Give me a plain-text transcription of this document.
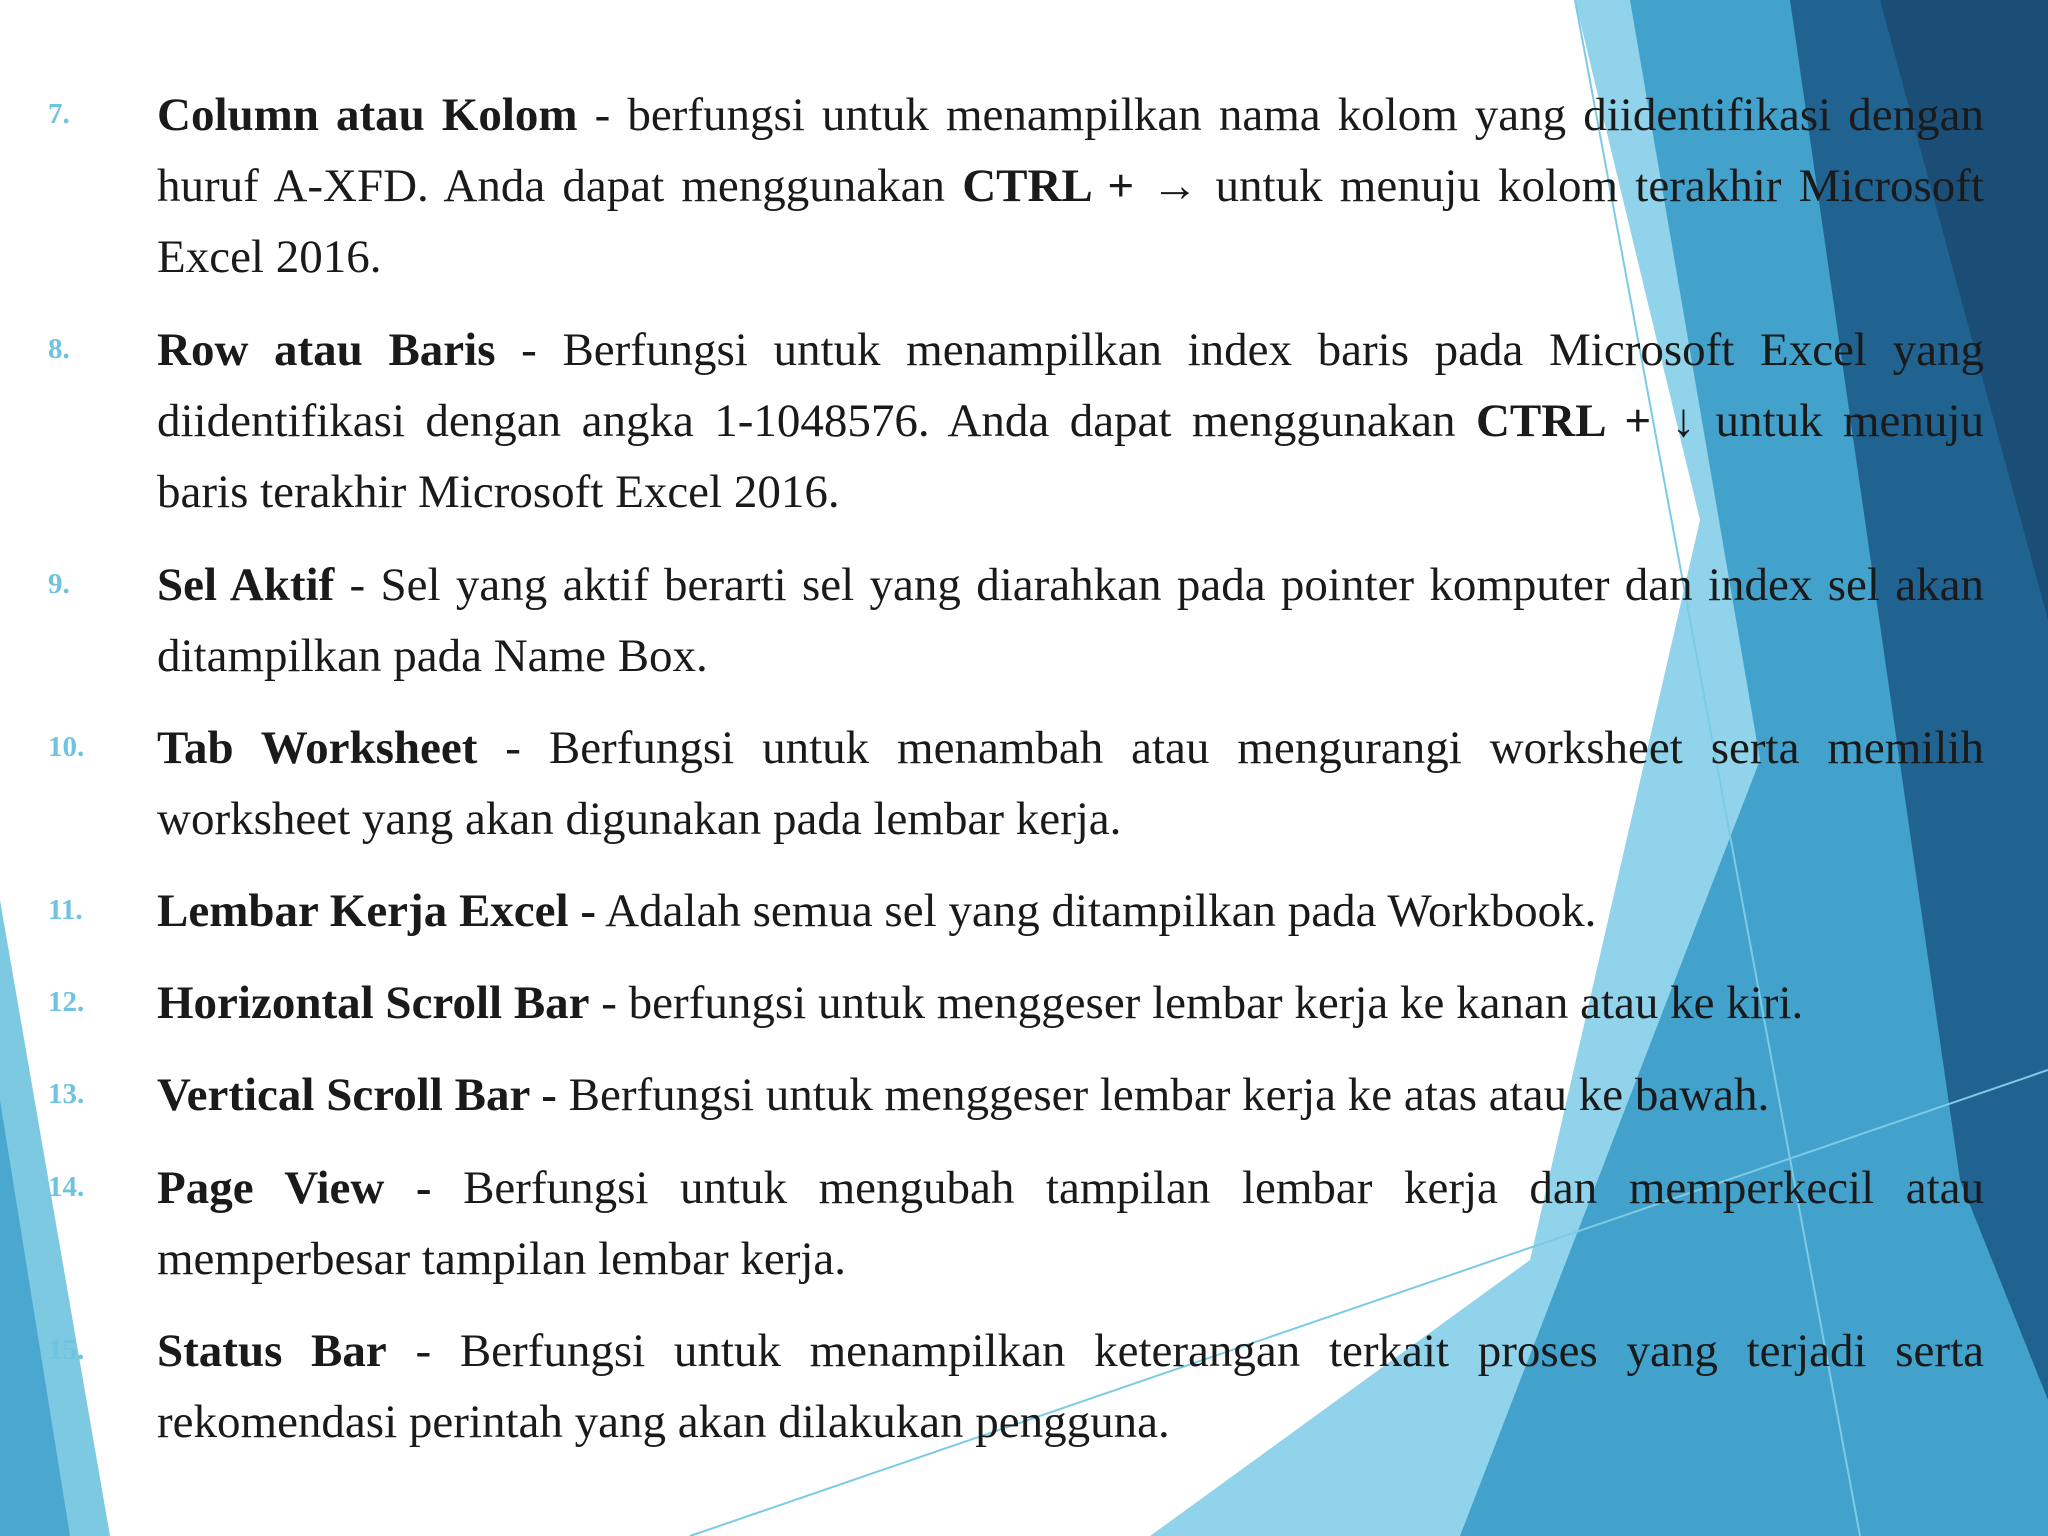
7.	Column atau Kolom - berfungsi untuk menampilkan nama kolom yang diidentifikasi dengan huruf A-XFD. Anda dapat menggunakan CTRL + → untuk menuju kolom terakhir Microsoft Excel 2016.
8.	Row atau Baris - Berfungsi untuk menampilkan index baris pada Microsoft Excel yang diidentifikasi dengan angka 1-1048576. Anda dapat menggunakan CTRL + ↓ untuk menuju baris terakhir Microsoft Excel 2016.
9.	Sel Aktif - Sel yang aktif berarti sel yang diarahkan pada pointer komputer dan index sel akan ditampilkan pada Name Box.
10.	Tab Worksheet - Berfungsi untuk menambah atau mengurangi worksheet serta memilih worksheet yang akan digunakan pada lembar kerja.
11.	Lembar Kerja Excel - Adalah semua sel yang ditampilkan pada Workbook.
12.	Horizontal Scroll Bar - berfungsi untuk menggeser lembar kerja ke kanan atau ke kiri.
13.	Vertical Scroll Bar - Berfungsi untuk menggeser lembar kerja ke atas atau ke bawah.
14.	Page View - Berfungsi untuk mengubah tampilan lembar kerja dan memperkecil atau memperbesar tampilan lembar kerja.
15.	Status Bar - Berfungsi untuk menampilkan keterangan terkait proses yang terjadi serta rekomendasi perintah yang akan dilakukan pengguna.
